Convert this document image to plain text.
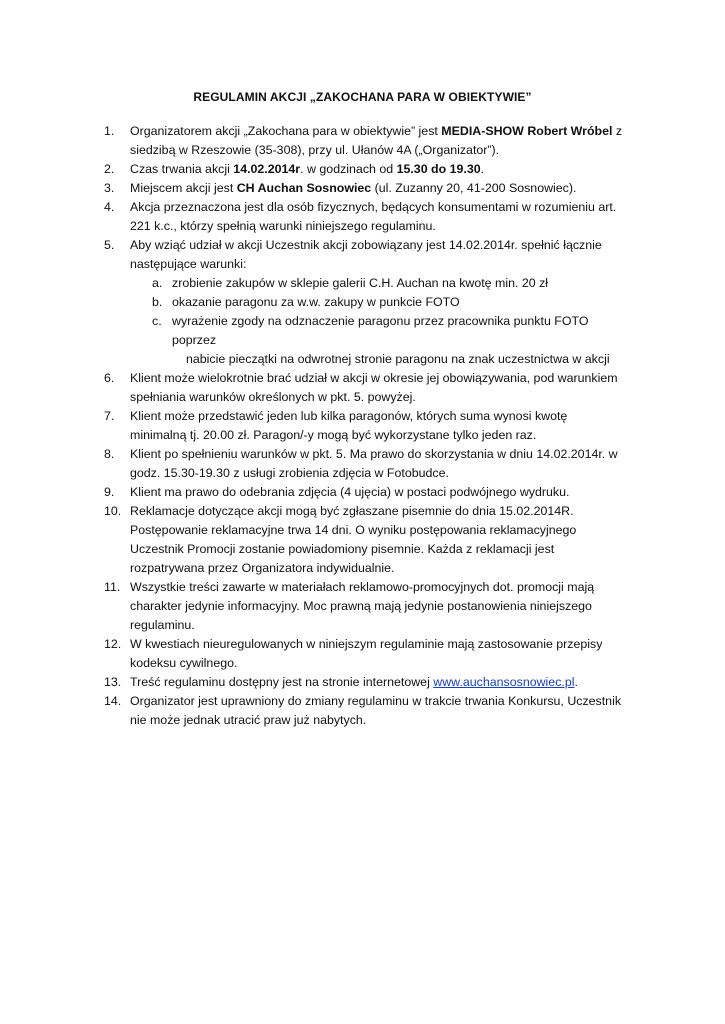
REGULAMIN AKCJI „ZAKOCHANA PARA W OBIEKTYWIE”
1.	Organizatorem akcji „Zakochana para w obiektywie” jest MEDIA-SHOW Robert Wróbel z siedzibą w Rzeszowie (35-308), przy ul. Ułanów 4A („Organizator”).
2.	Czas trwania akcji 14.02.2014r. w godzinach od 15.30 do 19.30.
3.	Miejscem akcji jest CH Auchan Sosnowiec (ul. Zuzanny 20, 41-200 Sosnowiec).
4.	Akcja przeznaczona jest dla osób fizycznych, będących konsumentami w rozumieniu art. 221 k.c., którzy spełnią warunki niniejszego regulaminu.
5.	Aby wziąć udział w akcji Uczestnik akcji zobowiązany jest 14.02.2014r. spełnić łącznie następujące warunki:
a. zrobienie zakupów w sklepie galerii C.H. Auchan na kwotę min. 20 zł
b. okazanie paragonu za w.w. zakupy w punkcie FOTO
c. wyrażenie zgody na odznaczenie paragonu przez pracownika punktu FOTO poprzez
nabicie pieczątki na odwrotnej stronie paragonu na znak uczestnictwa w akcji
6.	Klient może wielokrotnie brać udział w akcji w okresie jej obowiązywania, pod warunkiem spełniania warunków określonych w pkt. 5. powyżej.
7.	Klient może przedstawić jeden lub kilka paragonów, których suma wynosi kwotę minimalną tj. 20.00 zł. Paragon/-y mogą być wykorzystane tylko jeden raz.
8.	Klient po spełnieniu warunków w pkt. 5. Ma prawo do skorzystania w dniu 14.02.2014r. w godz. 15.30-19.30 z usługi zrobienia zdjęcia w Fotobudce.
9.	Klient ma prawo do odebrania zdjęcia (4 ujęcia) w postaci podwójnego wydruku.
10. Reklamacje dotyczące akcji mogą być zgłaszane pisemnie do dnia 15.02.2014R. Postępowanie reklamacyjne trwa 14 dni. O wyniku postępowania reklamacyjnego Uczestnik Promocji zostanie powiadomiony pisemnie. Każda z reklamacji jest rozpatrywana przez Organizatora indywidualnie.
11. Wszystkie treści zawarte w materiałach reklamowo-promocyjnych dot. promocji mają charakter jedynie informacyjny. Moc prawną mają jedynie postanowienia niniejszego regulaminu.
12. W kwestiach nieuregulowanych w niniejszym regulaminie mają zastosowanie przepisy kodeksu cywilnego.
13. Treść regulaminu dostępny jest na stronie internetowej www.auchansosnowiec.pl.
14. Organizator jest uprawniony do zmiany regulaminu w trakcie trwania Konkursu, Uczestnik nie może jednak utracić praw już nabytych.
